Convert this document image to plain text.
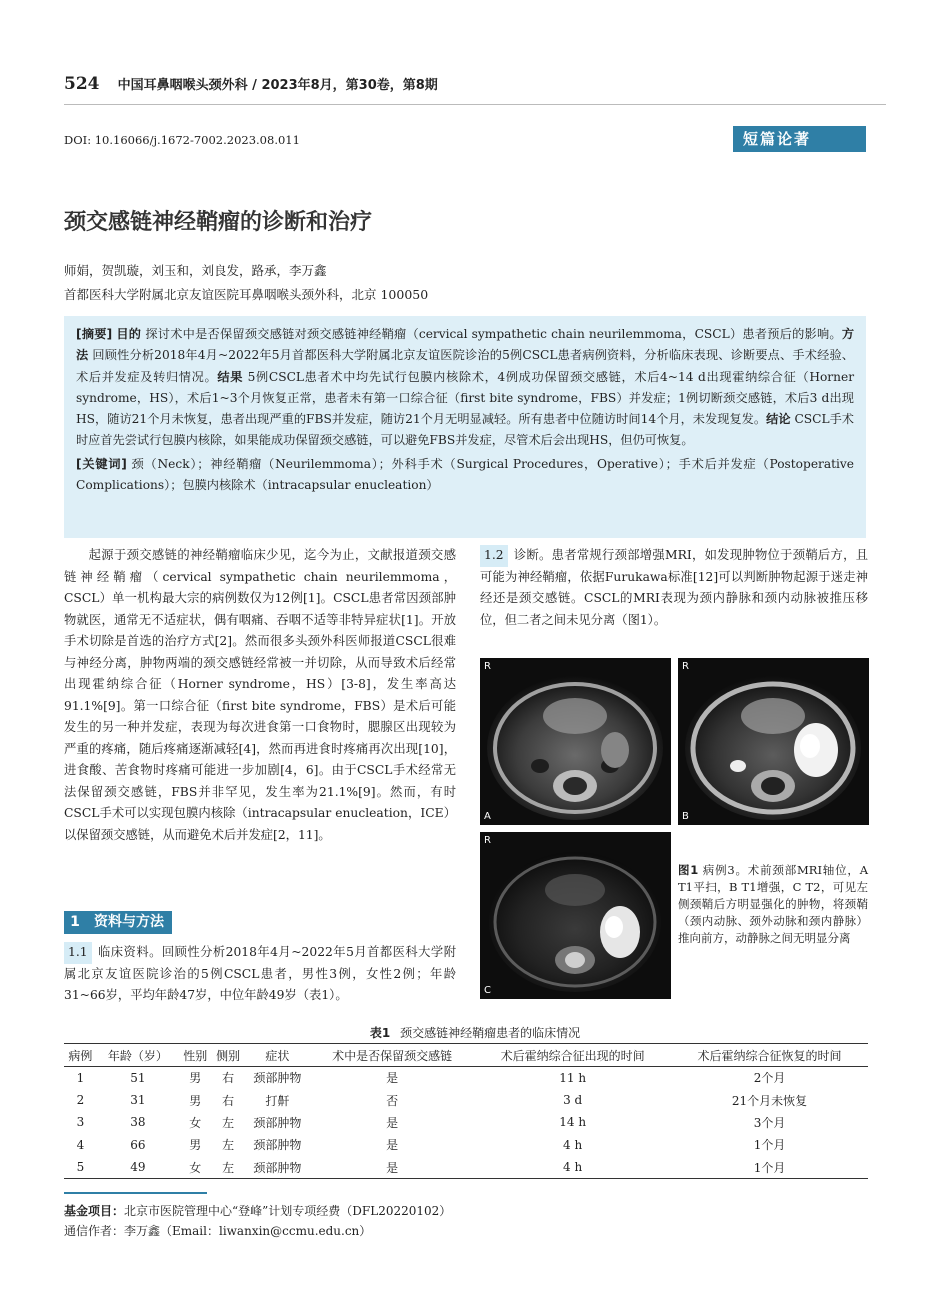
524 中国耳鼻咽喉头颈外科 / 2023年8月，第30卷，第8期
DOI: 10.16066/j.1672-7002.2023.08.011	短篇论著
颈交感链神经鞘瘤的诊断和治疗
师娟，贺凯璇，刘玉和，刘良发，路承，李万鑫
首都医科大学附属北京友谊医院耳鼻咽喉头颈外科，北京 100050
[摘要] 目的 探讨术中是否保留颈交感链对颈交感链神经鞘瘤（cervical sympathetic chain neurilemmoma，CSCL）患者预后的影响。方法 回顾性分析2018年4月~2022年5月首都医科大学附属北京友谊医院诊治的5例CSCL患者病例资料，分析临床表现、诊断要点、手术经验、术后并发症及转归情况。结果 5例CSCL患者术中均先试行包膜内核除术，4例成功保留颈交感链，术后4~14 d出现霍纳综合征（Horner syndrome，HS），术后1~3个月恢复正常，患者未有第一口综合征（first bite syndrome，FBS）并发症；1例切断颈交感链，术后3 d出现HS，随访21个月未恢复，患者出现严重的FBS并发症，随访21个月无明显减轻。所有患者中位随访时间14个月，未发现复发。结论 CSCL手术时应首先尝试行包膜内核除，如果能成功保留颈交感链，可以避免FBS并发症，尽管术后会出现HS，但仍可恢复。
[关键词] 颈（Neck）；神经鞘瘤（Neurilemmoma）；外科手术（Surgical Procedures，Operative）；手术后并发症（Postoperative Complications）；包膜内核除术（intracapsular enucleation）

起源于颈交感链的神经鞘瘤临床少见，迄今为止，文献报道颈交感链神经鞘瘤（cervical sympathetic chain neurilemmoma，CSCL）单一机构最大宗的病例数仅为12例[1]。CSCL患者常因颈部肿物就医，通常无不适症状，偶有咽痛、吞咽不适等非特异症状[1]。开放手术切除是首选的治疗方式[2]。然而很多头颈外科医师报道CSCL很难与神经分离，肿物两端的颈交感链经常被一并切除，从而导致术后经常出现霍纳综合征（Horner syndrome，HS）[3-8]，发生率高达91.1%[9]。第一口综合征（first bite syndrome，FBS）是术后可能发生的另一种并发症，表现为每次进食第一口食物时，腮腺区出现较为严重的疼痛，随后疼痛逐渐减轻[4]，然而再进食时疼痛再次出现[10]，进食酸、苦食物时疼痛可能进一步加剧[4，6]。由于CSCL手术经常无法保留颈交感链，FBS并非罕见，发生率为21.1%[9]。然而，有时CSCL手术可以实现包膜内核除（intracapsular enucleation，ICE）以保留颈交感链，从而避免术后并发症[2，11]。

1 资料与方法
1.1 临床资料。回顾性分析2018年4月~2022年5月首都医科大学附属北京友谊医院诊治的5例CSCL患者，男性3例，女性2例；年龄31~66岁，平均年龄47岁，中位年龄49岁（表1）。
1.2 诊断。患者常规行颈部增强MRI，如发现肿物位于颈鞘后方，且可能为神经鞘瘤，依据Furukawa标准[12]可以判断肿物起源于迷走神经还是颈交感链。CSCL的MRI表现为颈内静脉和颈内动脉被推压移位，但二者之间未见分离（图1）。
R
A
R
B
R
C
图1 病例3。术前颈部MRI轴位，A T1平扫，B T1增强，C T2，可见左侧颈鞘后方明显强化的肿物，将颈鞘（颈内动脉、颈外动脉和颈内静脉）推向前方，动静脉之间无明显分离
表1 颈交感链神经鞘瘤患者的临床情况
病例	年龄（岁）	性别	侧别	症状	术中是否保留颈交感链	术后霍纳综合征出现的时间	术后霍纳综合征恢复的时间
1	51	男	右	颈部肿物	是	11 h	2个月
2	31	男	右	打鼾	否	3 d	21个月未恢复
3	38	女	左	颈部肿物	是	14 h	3个月
4	66	男	左	颈部肿物	是	4 h	1个月
5	49	女	左	颈部肿物	是	4 h	1个月
基金项目：北京市医院管理中心“登峰”计划专项经费（DFL20220102）
通信作者：李万鑫（Email：liwanxin@ccmu.edu.cn）
